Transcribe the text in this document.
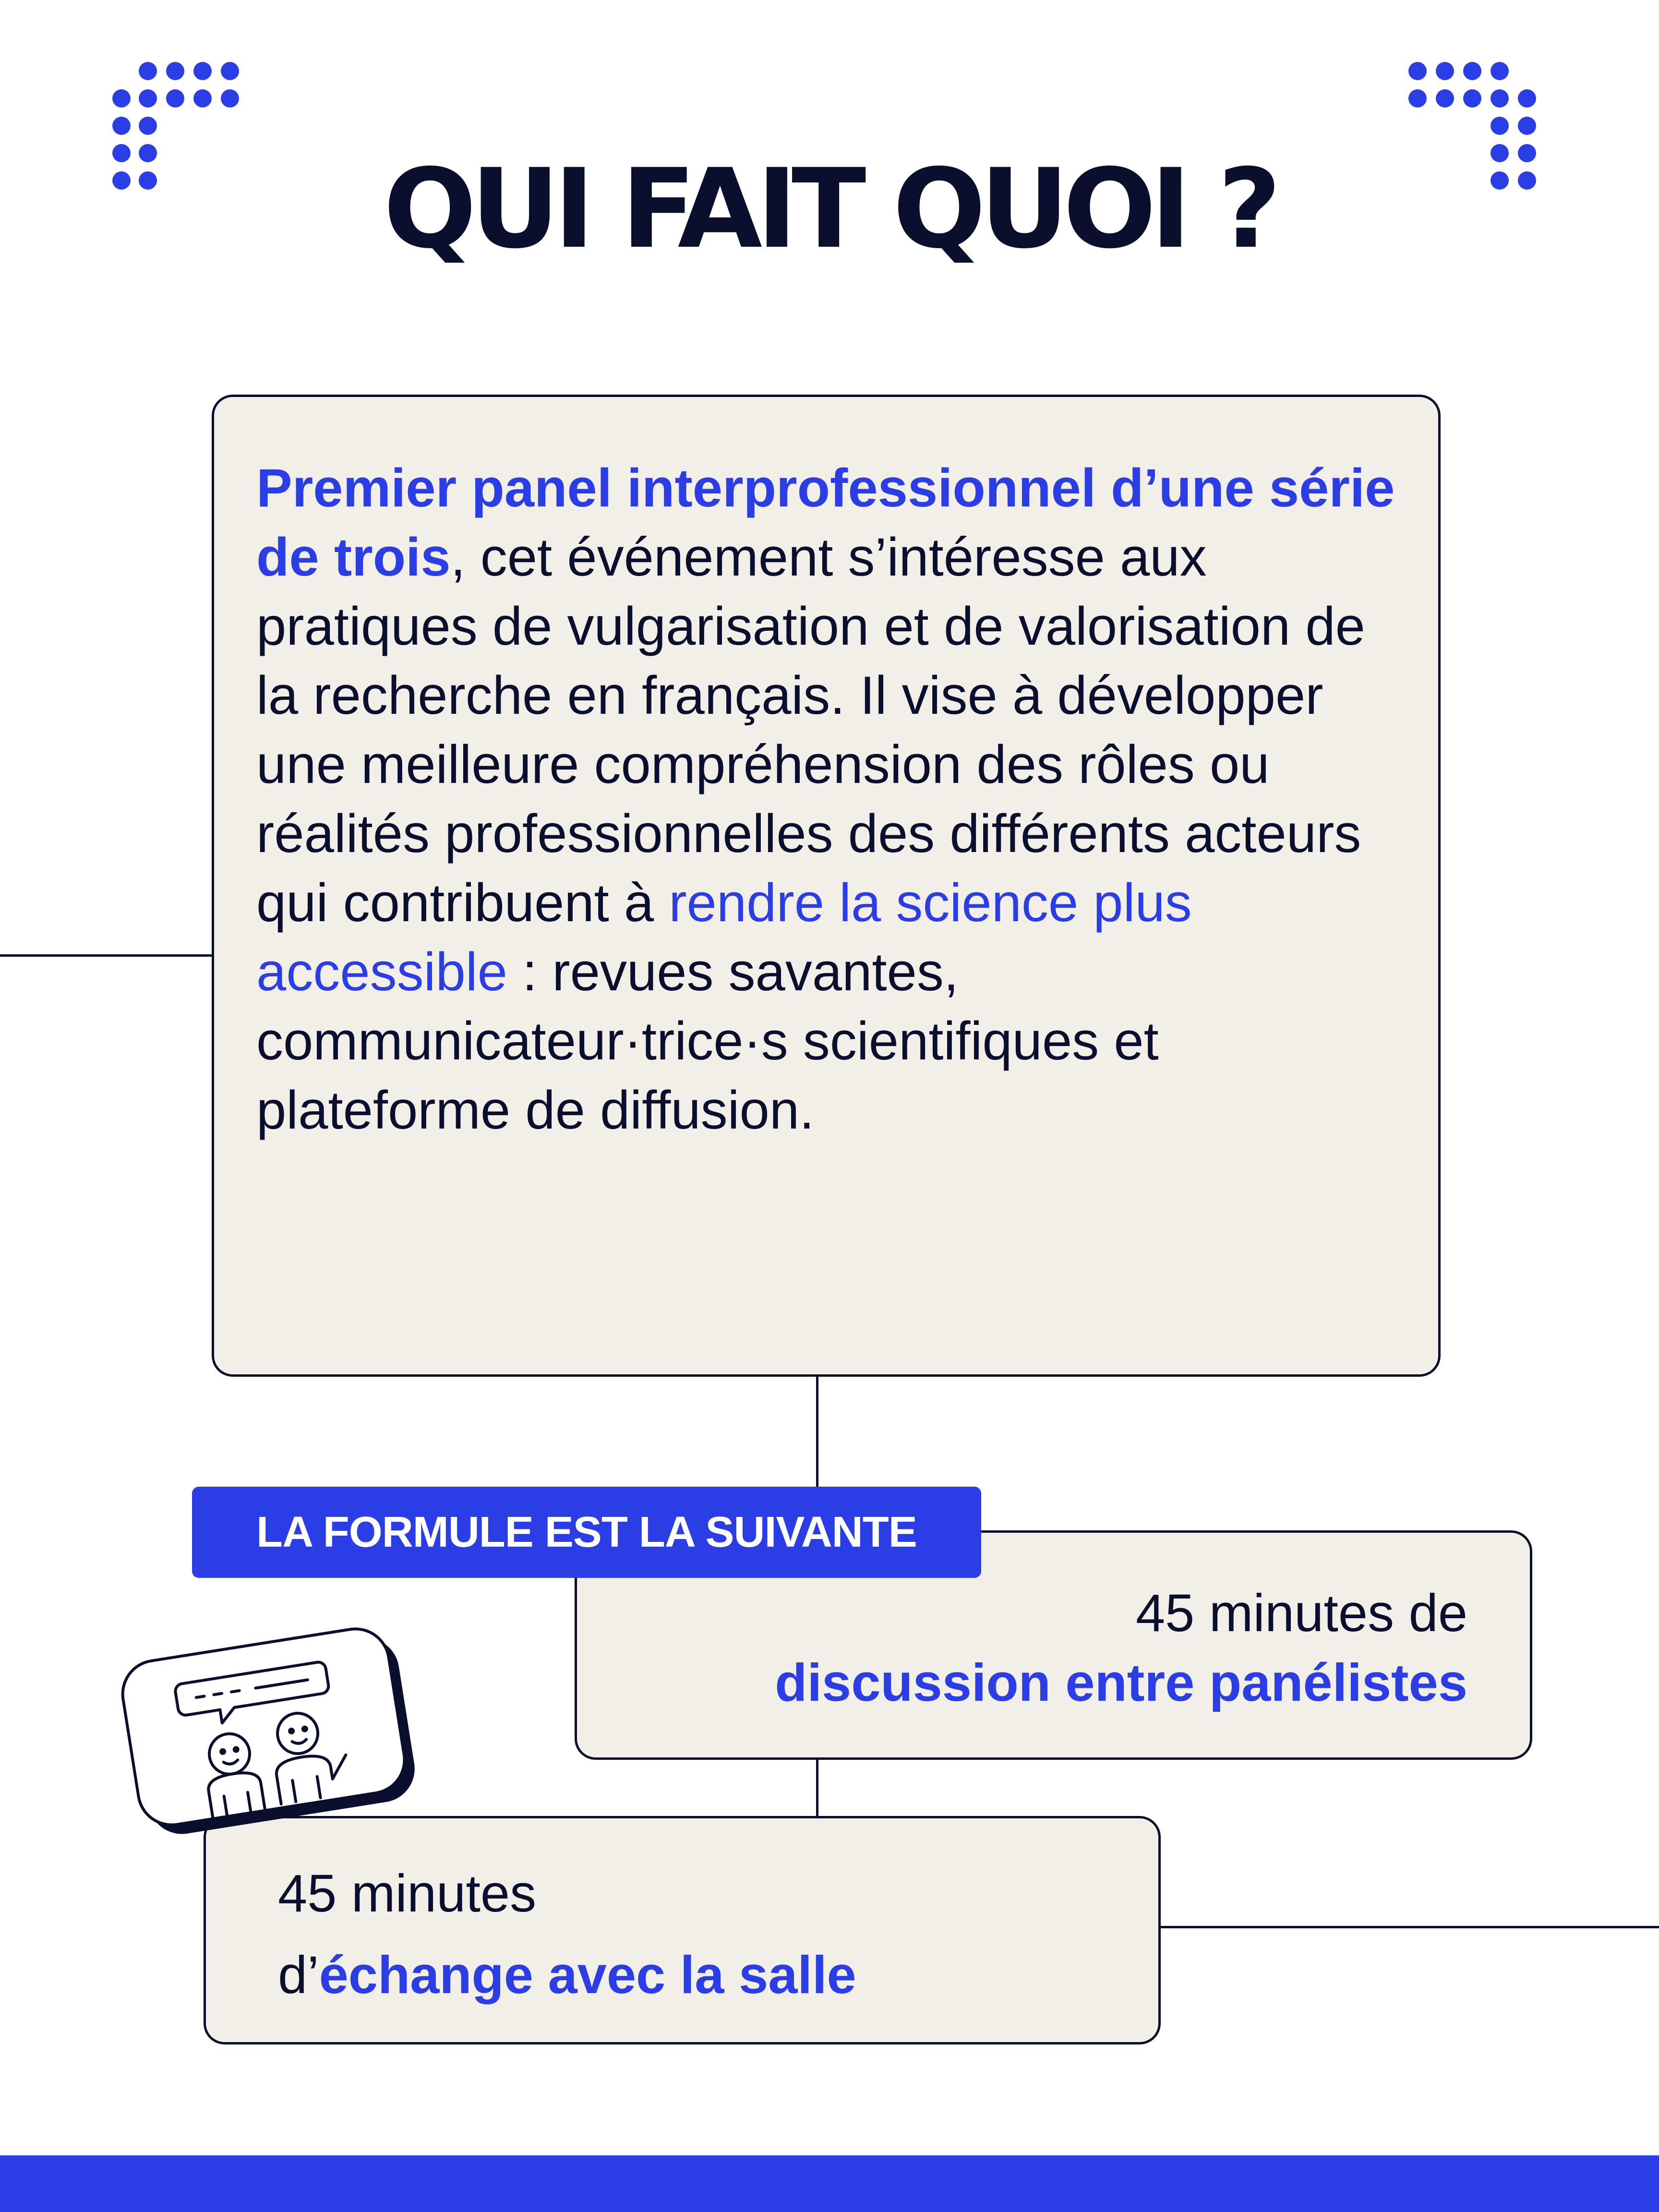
QUI FAIT QUOI ?
Premier panel interprofessionnel d’une série de trois, cet événement s’intéresse aux pratiques de vulgarisation et de valorisation de la recherche en français. Il vise à développer une meilleure compréhension des rôles ou réalités professionnelles des différents acteurs qui contribuent à rendre la science plus accessible : revues savantes, communicateur·trice·s scientifiques et plateforme de diffusion.
45 minutes de
discussion entre panélistes
LA FORMULE EST LA SUIVANTE
45 minutes
d’échange avec la salle
